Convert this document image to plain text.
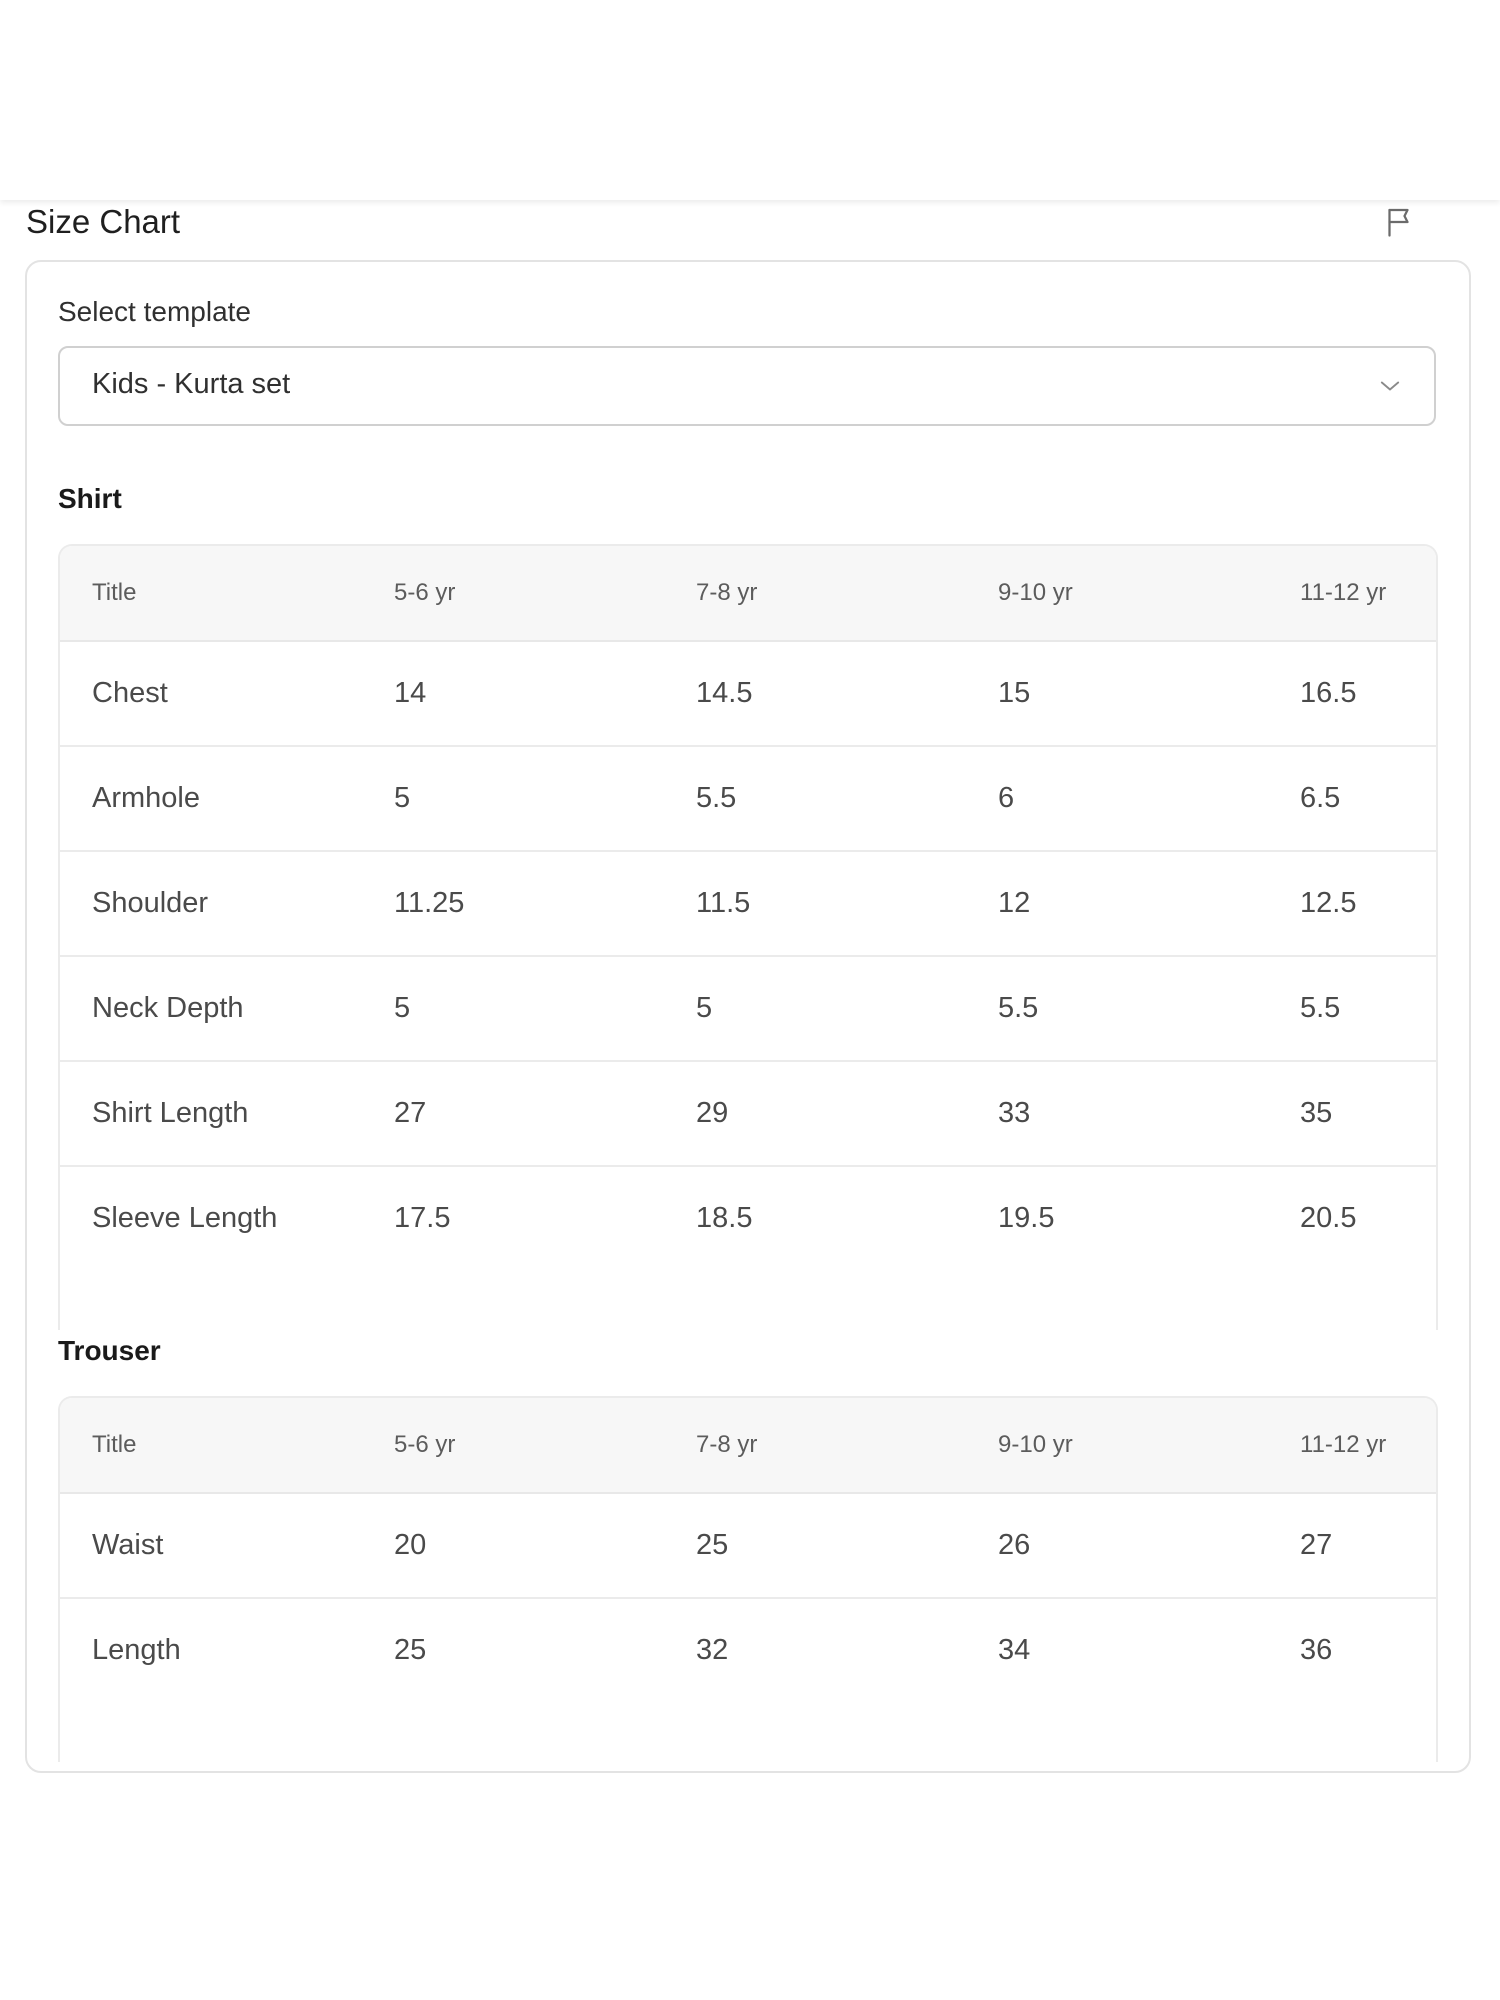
Size Chart
Select template
Kids - Kurta set
Shirt
Title	5-6 yr	7-8 yr	9-10 yr	11-12 yr
Chest	14	14.5	15	16.5
Armhole	5	5.5	6	6.5
Shoulder	11.25	11.5	12	12.5
Neck Depth	5	5	5.5	5.5
Shirt Length	27	29	33	35
Sleeve Length	17.5	18.5	19.5	20.5
Trouser
Title	5-6 yr	7-8 yr	9-10 yr	11-12 yr
Waist	20	25	26	27
Length	25	32	34	36
